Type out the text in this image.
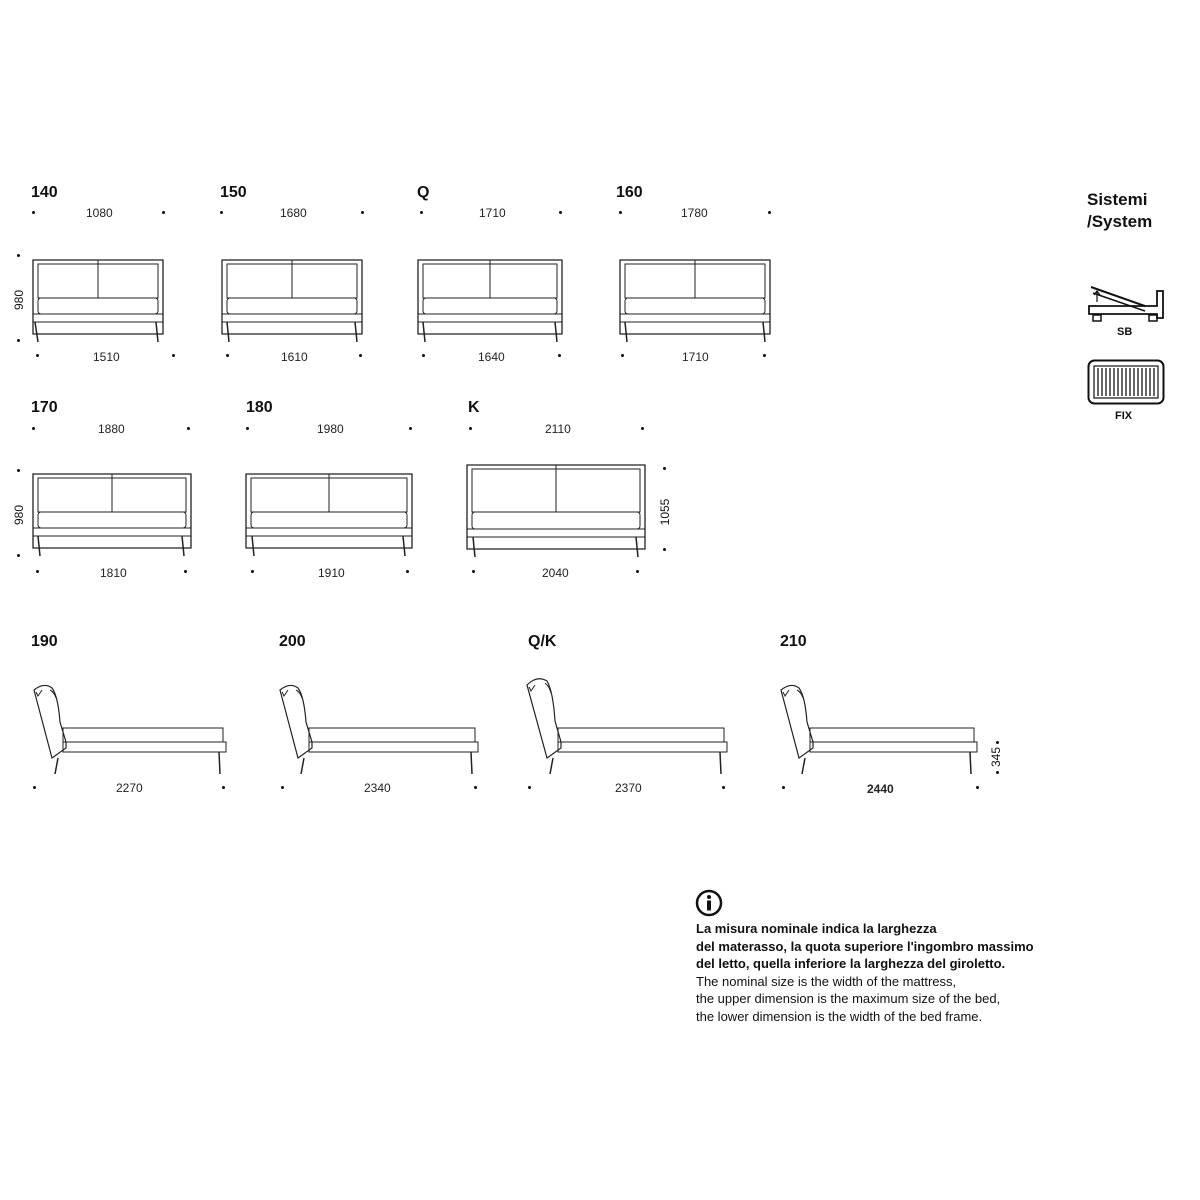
140
1080
980
1510
150
1680
1610
Q
1710
1640
160
1780
1710
170
1880
980
1810
180
1980
1910
K
2110
1055
2040
190
2270
200
2340
Q/K
2370
210
345
2440
Sistemi
/System
SB
FIX
La misura nominale indica la larghezza
del materasso, la quota superiore l'ingombro massimo
del letto, quella inferiore la larghezza del giroletto.
The nominal size is the width of the mattress,
the upper dimension is the maximum size of the bed,
the lower dimension is the width of the bed frame.
